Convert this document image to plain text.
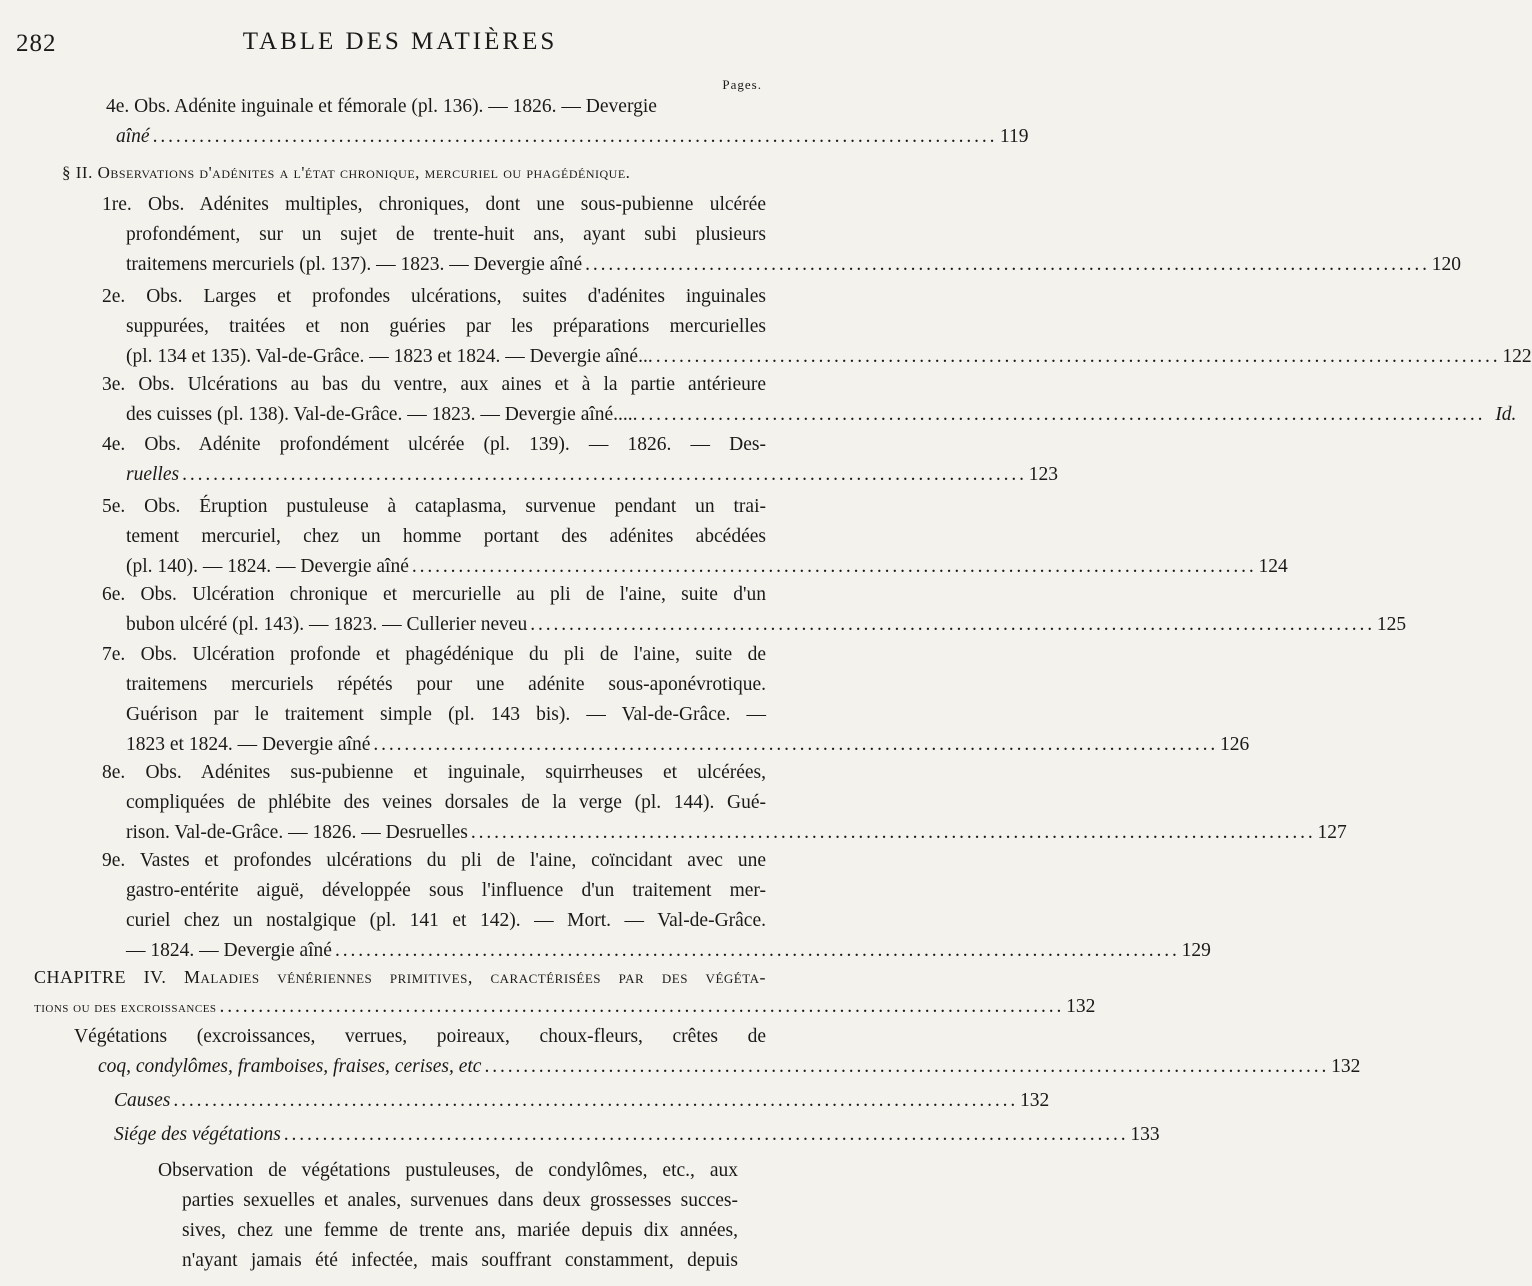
282	TABLE DES MATIÈRES
Pages.
4e. Obs. Adénite inguinale et fémorale (pl. 136). — 1826. — Devergie
aîné . . .	119
§ II. Observations d'adénites a l'état chronique, mercuriel ou phagédénique.
1re. Obs. Adénites multiples, chroniques, dont une sous-pubienne ulcérée
profondément, sur un sujet de trente-huit ans, ayant subi plusieurs
traitemens mercuriels (pl. 137). — 1823. — Devergie aîné . . .	120
2e. Obs. Larges et profondes ulcérations, suites d'adénites inguinales
suppurées, traitées et non guéries par les préparations mercurielles
(pl. 134 et 135). Val-de-Grâce. — 1823 et 1824. — Devergie aîné... . . .	122
3e. Obs. Ulcérations au bas du ventre, aux aines et à la partie antérieure
des cuisses (pl. 138). Val-de-Grâce. — 1823. — Devergie aîné..... . . .	Id.
4e. Obs. Adénite profondément ulcérée (pl. 139). — 1826. — Des-
ruelles . . .	123
5e. Obs. Éruption pustuleuse à cataplasma, survenue pendant un trai-
tement mercuriel, chez un homme portant des adénites abcédées
(pl. 140). — 1824. — Devergie aîné . . .	124
6e. Obs. Ulcération chronique et mercurielle au pli de l'aine, suite d'un
bubon ulcéré (pl. 143). — 1823. — Cullerier neveu . . .	125
7e. Obs. Ulcération profonde et phagédénique du pli de l'aine, suite de
traitemens mercuriels répétés pour une adénite sous-aponévrotique.
Guérison par le traitement simple (pl. 143 bis). — Val-de-Grâce. —
1823 et 1824. — Devergie aîné . . .	126
8e. Obs. Adénites sus-pubienne et inguinale, squirrheuses et ulcérées,
compliquées de phlébite des veines dorsales de la verge (pl. 144). Gué-
rison. Val-de-Grâce. — 1826. — Desruelles . . .	127
9e. Vastes et profondes ulcérations du pli de l'aine, coïncidant avec une
gastro-entérite aiguë, développée sous l'influence d'un traitement mer-
curiel chez un nostalgique (pl. 141 et 142). — Mort. — Val-de-Grâce.
— 1824. — Devergie aîné . . .	129
CHAPITRE IV. Maladies vénériennes primitives, caractérisées par des végéta-
tions ou des excroissances . . .	132
Végétations (excroissances, verrues, poireaux, choux-fleurs, crêtes de
coq, condylômes, framboises, fraises, cerises, etc . . .	132
Causes . . .	132
Siége des végétations . . .	133
Observation de végétations pustuleuses, de condylômes, etc., aux
parties sexuelles et anales, survenues dans deux grossesses succes-
sives, chez une femme de trente ans, mariée depuis dix années,
n'ayant jamais été infectée, mais souffrant constamment, depuis
